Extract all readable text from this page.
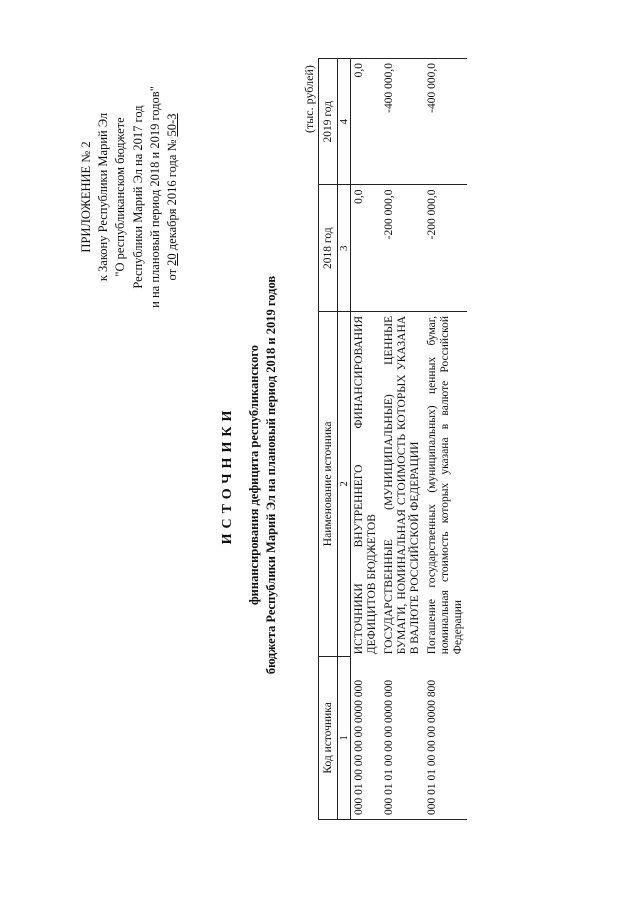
ПРИЛОЖЕНИЕ № 2 к Закону Республики Марий Эл "О республиканском бюджете Республики Марий Эл на 2017 год и на плановый период 2018 и 2019 годов" от 20 декабря 2016 года № 50-З
ИСТОЧНИКИ финансирования дефицита республиканского бюджета Республики Марий Эл на плановый период 2018 и 2019 годов
(тыс. рублей)
Код источника	Наименование источника	2018 год	2019 год
1	2	3	4
000 01 00 00 00 00 0000 000	ИСТОЧНИКИ ВНУТРЕННЕГО ФИНАНСИРОВАНИЯ ДЕФИЦИТОВ БЮДЖЕТОВ	0,0	0,0
000 01 01 00 00 00 0000 000	ГОСУДАРСТВЕННЫЕ (МУНИЦИПАЛЬНЫЕ) ЦЕННЫЕ БУМАГИ, НОМИНАЛЬНАЯ СТОИМОСТЬ КОТОРЫХ УКАЗАНА В ВАЛЮТЕ РОССИЙСКОЙ ФЕДЕРАЦИИ	-200 000,0	-400 000,0
000 01 01 00 00 00 0000 800	Погашение государственных (муниципальных) ценных бумаг, номинальная стоимость которых указана в валюте Российской Федерации	-200 000,0	-400 000,0
